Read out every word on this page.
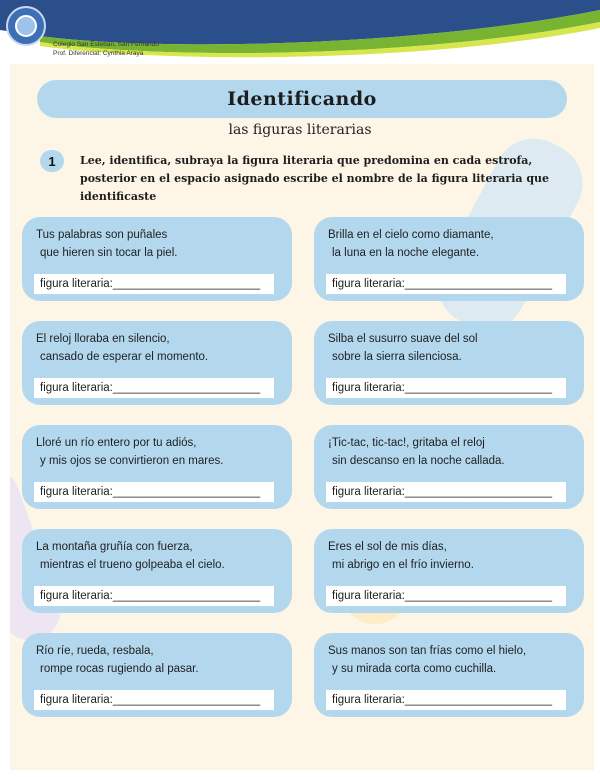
Colegio San Esteban, San Fernando
Prof. Diferencial: Cynthia Araya
Identificando
las figuras literarias
1	Lee, identifica, subraya la figura literaria que predomina en cada estrofa, posterior en el espacio asignado escribe el nombre de la figura literaria que identificaste
Tus palabras son puñales
que hieren sin tocar la piel.
figura literaria:_______________________
Brilla en el cielo como diamante,
la luna en la noche elegante.
figura literaria:_______________________
El reloj lloraba en silencio,
cansado de esperar el momento.
figura literaria:_______________________
Silba el susurro suave del sol
sobre la sierra silenciosa.
figura literaria:_______________________
Lloré un río entero por tu adiós,
y mis ojos se convirtieron en mares.
figura literaria:_______________________
¡Tic-tac, tic-tac!, gritaba el reloj
sin descanso en la noche callada.
figura literaria:_______________________
La montaña gruñía con fuerza,
mientras el trueno golpeaba el cielo.
figura literaria:_______________________
Eres el sol de mis días,
mi abrigo en el frío invierno.
figura literaria:_______________________
Río ríe, rueda, resbala,
rompe rocas rugiendo al pasar.
figura literaria:_______________________
Sus manos son tan frías como el hielo,
y su mirada corta como cuchilla.
figura literaria:_______________________
